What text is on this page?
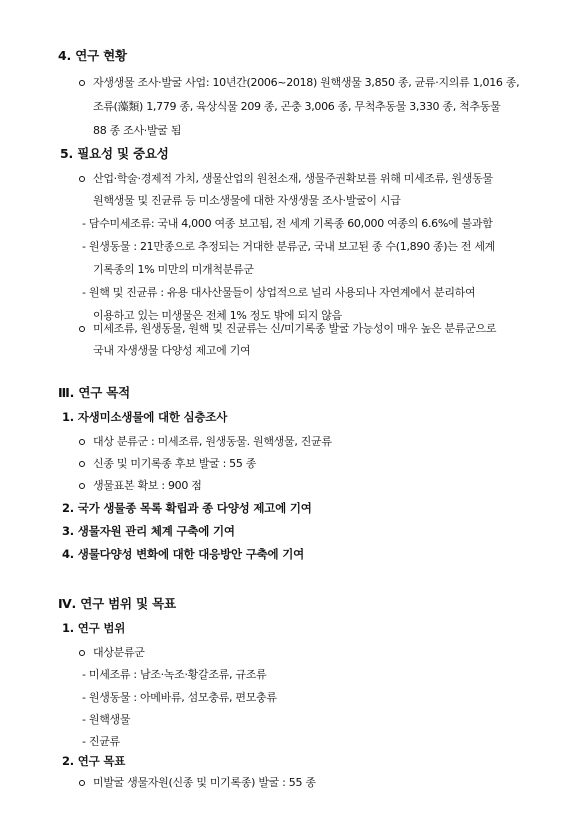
4. 연구 현황
자생생물 조사·발굴 사업: 10년간(2006~2018) 원핵생물 3,850 종, 균류·지의류 1,016 종,
조류(藻類) 1,779 종, 육상식물 209 종, 곤충 3,006 종, 무척추동물 3,330 종, 척추동물
88 종 조사·발굴 됨
5. 필요성 및 중요성
산업·학술·경제적 가치, 생물산업의 원천소재, 생물주권확보를 위해 미세조류, 원생동물
원핵생물 및 진균류 등 미소생물에 대한 자생생물 조사·발굴이 시급
- 담수미세조류: 국내 4,000 여종 보고됨, 전 세계 기록종 60,000 여종의 6.6%에 불과함
- 원생동물 : 21만종으로 추정되는 거대한 분류군, 국내 보고된 종 수(1,890 종)는 전 세계
기록종의 1% 미만의 미개척분류군
- 원핵 및 진균류 : 유용 대사산물들이 상업적으로 널리 사용되나 자연계에서 분리하여
이용하고 있는 미생물은 전체 1% 정도 밖에 되지 않음
미세조류, 원생동물, 원핵 및 진균류는 신/미기록종 발굴 가능성이 매우 높은 분류군으로
국내 자생생물 다양성 제고에 기여
Ⅲ. 연구 목적
1. 자생미소생물에 대한 심층조사
대상 분류군 : 미세조류, 원생동물. 원핵생물, 진균류
신종 및 미기록종 후보 발굴 : 55 종
생물표본 확보 : 900 점
2. 국가 생물종 목록 확립과 종 다양성 제고에 기여
3. 생물자원 관리 체계 구축에 기여
4. 생물다양성 변화에 대한 대응방안 구축에 기여
Ⅳ. 연구 범위 및 목표
1. 연구 범위
대상분류군
- 미세조류 : 남조·녹조·황갈조류, 규조류
- 원생동물 : 아메바류, 섬모충류, 편모충류
- 원핵생물
- 진균류
2. 연구 목표
미발굴 생물자원(신종 및 미기록종) 발굴 : 55 종
